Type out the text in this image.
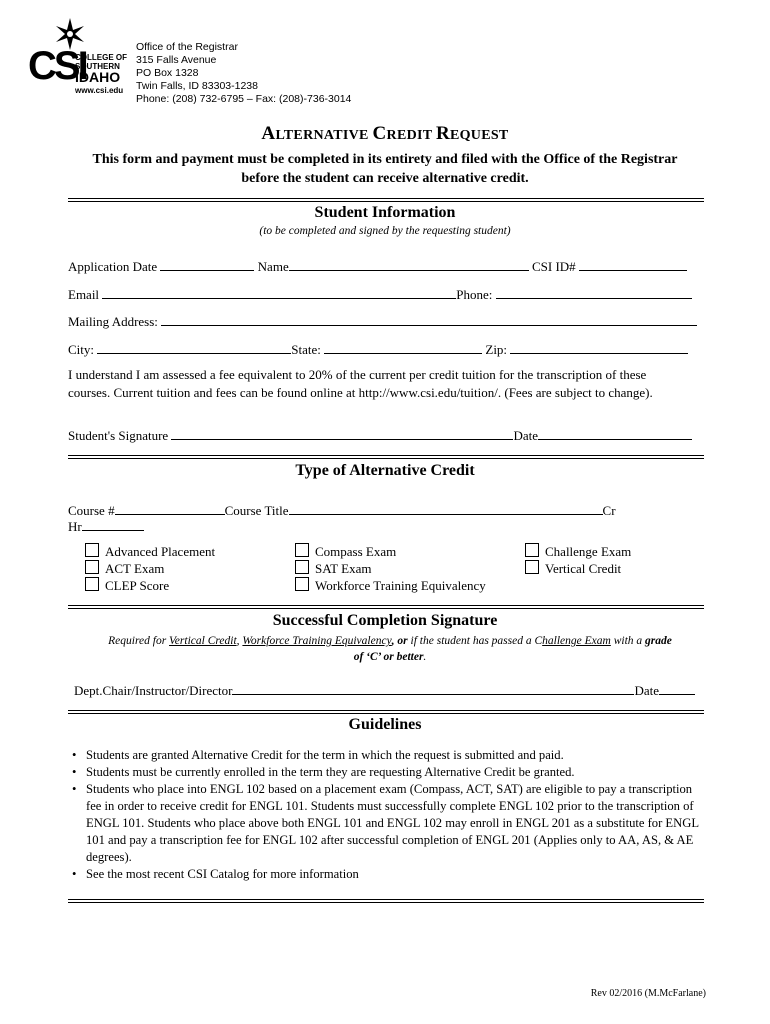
CSI
COLLEGE OF
SOUTHERN
IDAHO
www.csi.edu
Office of the Registrar
315 Falls Avenue
PO Box 1328
Twin Falls, ID 83303-1238
Phone: (208) 732-6795 – Fax: (208)-736-3014
ALTERNATIVE CREDIT REQUEST
This form and payment must be completed in its entirety and filed with the Office of the Registrar
before the student can receive alternative credit.
Student Information
(to be completed and signed by the requesting student)
Application Date	Name	CSI ID#
Email	Phone:
Mailing Address:
City:	State:	Zip:
I understand I am assessed a fee equivalent to 20% of the current per credit tuition for the transcription of these
courses. Current tuition and fees can be found online at http://www.csi.edu/tuition/. (Fees are subject to change).
Student's Signature	Date
Type of Alternative Credit
Course #	Course Title	Cr
Hr
Advanced Placement
ACT Exam
CLEP Score
Compass Exam
SAT Exam
Workforce Training Equivalency
Challenge Exam
Vertical Credit
Successful Completion Signature
Required for Vertical Credit, Workforce Training Equivalency, or if the student has passed a Challenge Exam with a grade
of ‘C’ or better.
Dept.Chair/Instructor/Director	Date
Guidelines
• Students are granted Alternative Credit for the term in which the request is submitted and paid.
• Students must be currently enrolled in the term they are requesting Alternative Credit be granted.
• Students who place into ENGL 102 based on a placement exam (Compass, ACT, SAT) are eligible to pay a transcription fee in order to receive credit for ENGL 101. Students must successfully complete ENGL 102 prior to the transcription of ENGL 101. Students who place above both ENGL 101 and ENGL 102 may enroll in ENGL 201 as a substitute for ENGL 101 and pay a transcription fee for ENGL 102 after successful completion of ENGL 201 (Applies only to AA, AS, & AE degrees).
• See the most recent CSI Catalog for more information
Rev 02/2016 (M.McFarlane)
